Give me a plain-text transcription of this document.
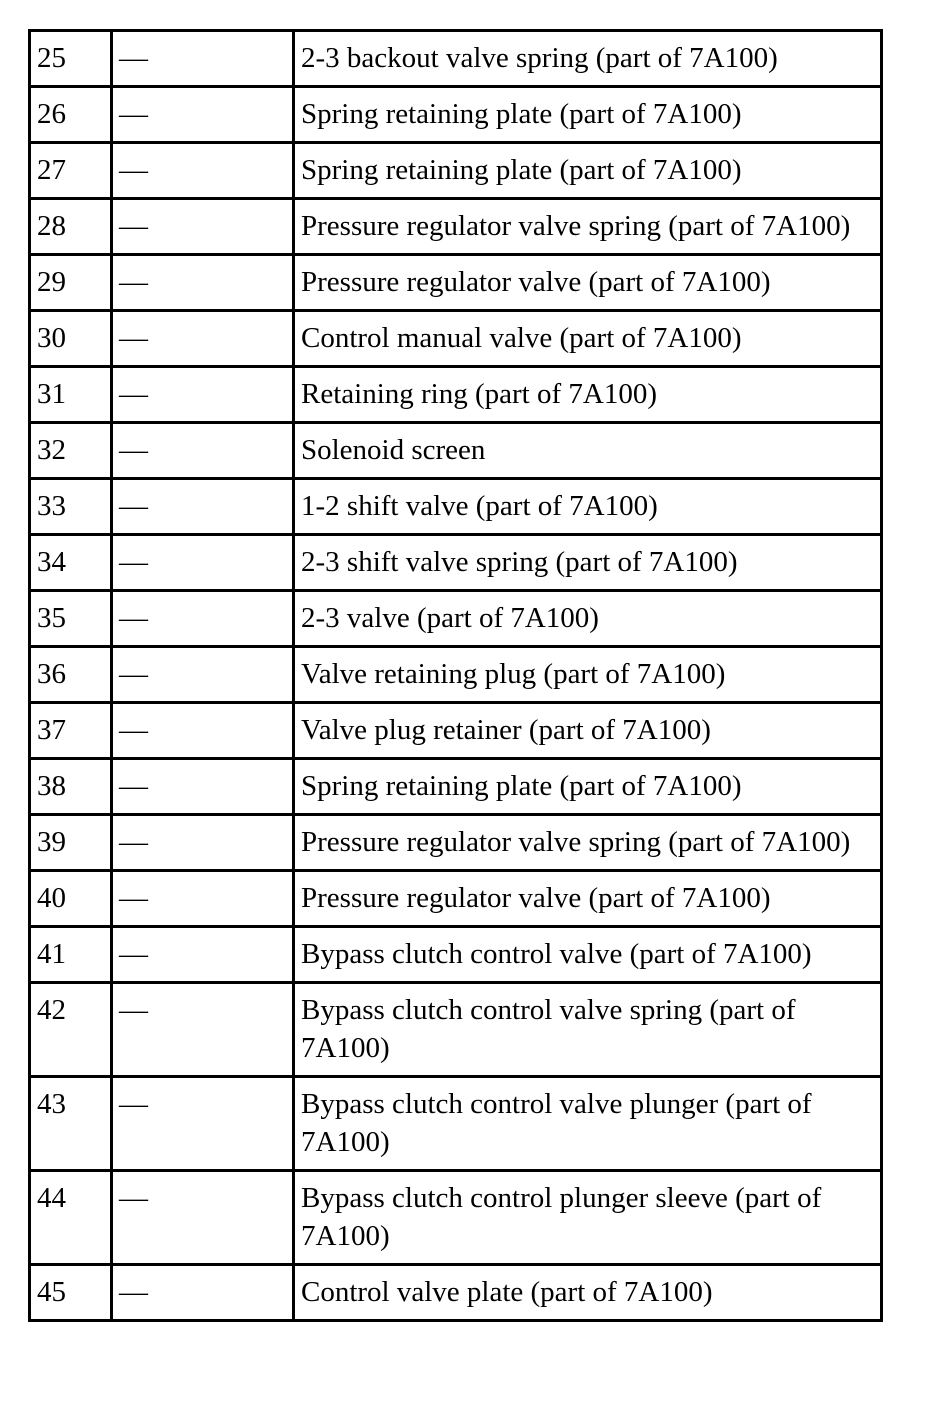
25	—	2-3 backout valve spring (part of 7A100)
26	—	Spring retaining plate (part of 7A100)
27	—	Spring retaining plate (part of 7A100)
28	—	Pressure regulator valve spring (part of 7A100)
29	—	Pressure regulator valve (part of 7A100)
30	—	Control manual valve (part of 7A100)
31	—	Retaining ring (part of 7A100)
32	—	Solenoid screen
33	—	1-2 shift valve (part of 7A100)
34	—	2-3 shift valve spring (part of 7A100)
35	—	2-3 valve (part of 7A100)
36	—	Valve retaining plug (part of 7A100)
37	—	Valve plug retainer (part of 7A100)
38	—	Spring retaining plate (part of 7A100)
39	—	Pressure regulator valve spring (part of 7A100)
40	—	Pressure regulator valve (part of 7A100)
41	—	Bypass clutch control valve (part of 7A100)
42	—	Bypass clutch control valve spring (part of 7A100)
43	—	Bypass clutch control valve plunger (part of 7A100)
44	—	Bypass clutch control plunger sleeve (part of 7A100)
45	—	Control valve plate (part of 7A100)
